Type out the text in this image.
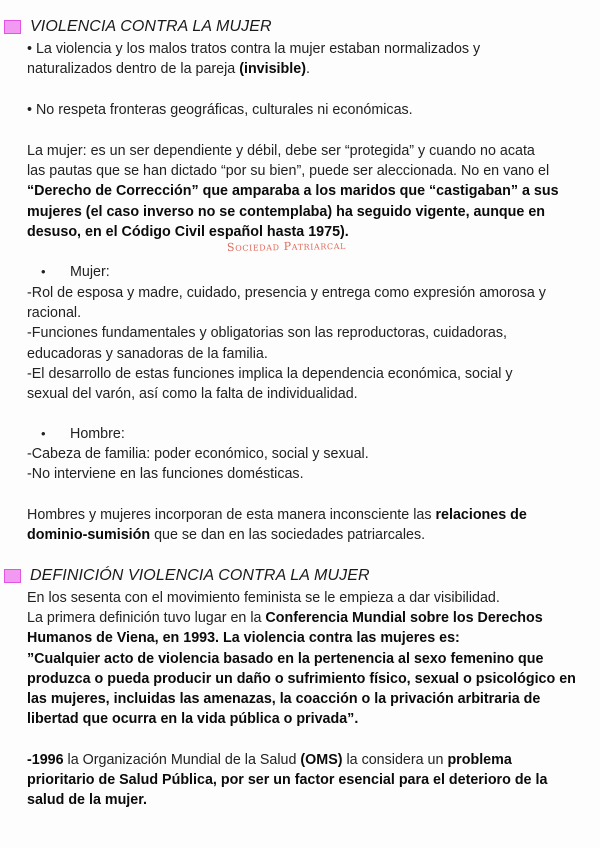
VIOLENCIA CONTRA LA MUJER
• La violencia y los malos tratos contra la mujer estaban normalizados y
naturalizados dentro de la pareja (invisible).
• No respeta fronteras geográficas, culturales ni económicas.
La mujer: es un ser dependiente y débil, debe ser “protegida” y cuando no acata
las pautas que se han dictado “por su bien”, puede ser aleccionada. No en vano el
“Derecho de Corrección” que amparaba a los maridos que “castigaban” a sus
mujeres (el caso inverso no se contemplaba) ha seguido vigente, aunque en
desuso, en el Código Civil español hasta 1975).
Sociedad Patriarcal
•	Mujer:
-Rol de esposa y madre, cuidado, presencia y entrega como expresión amorosa y
racional.
-Funciones fundamentales y obligatorias son las reproductoras, cuidadoras,
educadoras y sanadoras de la familia.
-El desarrollo de estas funciones implica la dependencia económica, social y
sexual del varón, así como la falta de individualidad.
•	Hombre:
-Cabeza de familia: poder económico, social y sexual.
-No interviene en las funciones domésticas.
Hombres y mujeres incorporan de esta manera inconsciente las relaciones de
dominio-sumisión que se dan en las sociedades patriarcales.
DEFINICIÓN VIOLENCIA CONTRA LA MUJER
En los sesenta con el movimiento feminista se le empieza a dar visibilidad.
La primera definición tuvo lugar en la Conferencia Mundial sobre los Derechos
Humanos de Viena, en 1993. La violencia contra las mujeres es:
”Cualquier acto de violencia basado en la pertenencia al sexo femenino que
produzca o pueda producir un daño o sufrimiento físico, sexual o psicológico en
las mujeres, incluidas las amenazas, la coacción o la privación arbitraria de
libertad que ocurra en la vida pública o privada”.
-1996 la Organización Mundial de la Salud (OMS) la considera un problema
prioritario de Salud Pública, por ser un factor esencial para el deterioro de la
salud de la mujer.
